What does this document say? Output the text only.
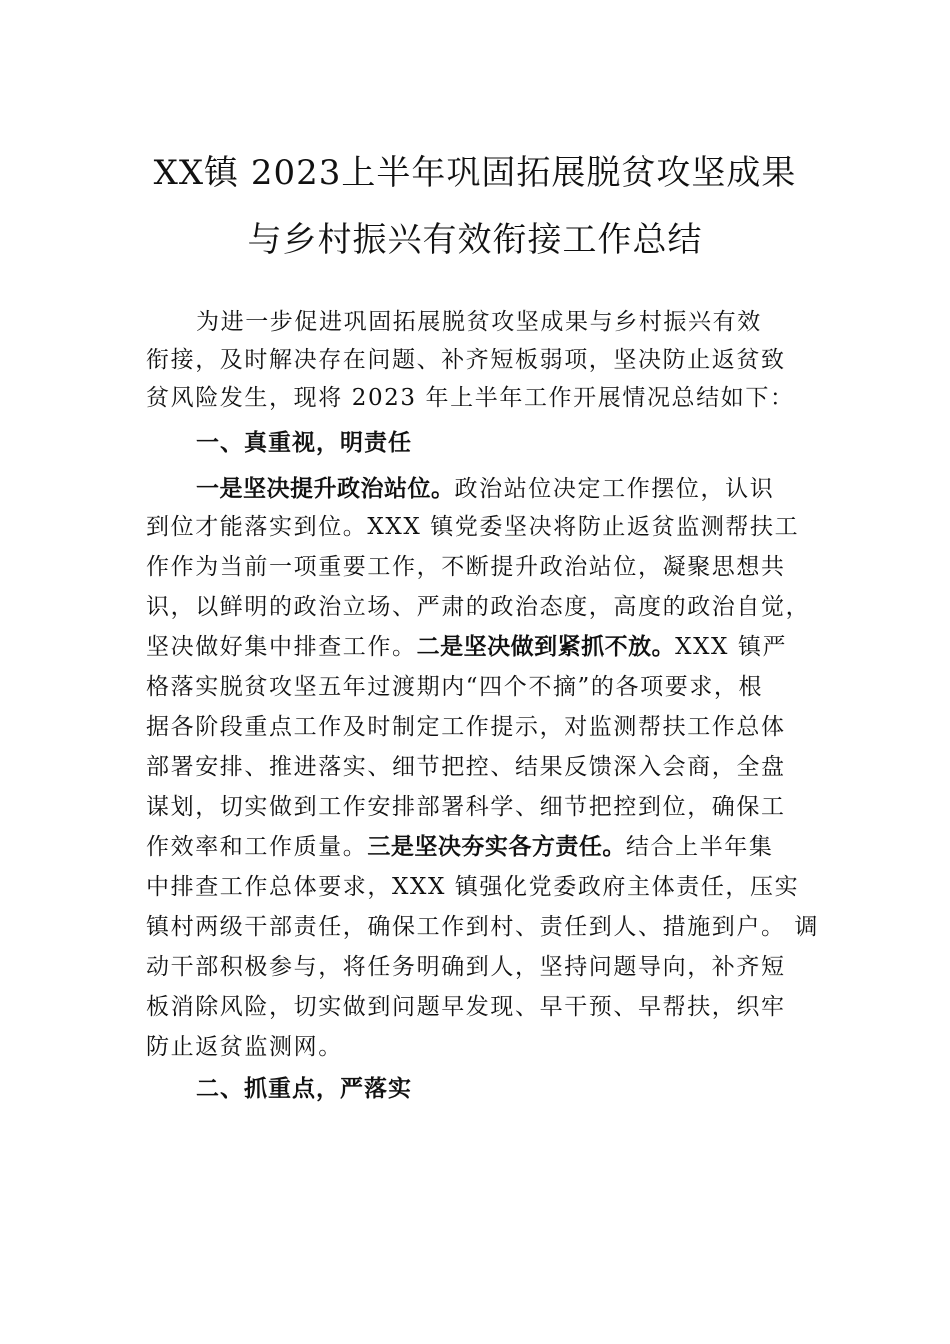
XX镇 2023上半年巩固拓展脱贫攻坚成果
与乡村振兴有效衔接工作总结
为进一步促进巩固拓展脱贫攻坚成果与乡村振兴有效
衔接，及时解决存在问题、补齐短板弱项，坚决防止返贫致
贫风险发生，现将 2023 年上半年工作开展情况总结如下：
一、真重视，明责任
一是坚决提升政治站位。政治站位决定工作摆位，认识
到位才能落实到位。XXX 镇党委坚决将防止返贫监测帮扶工
作作为当前一项重要工作，不断提升政治站位，凝聚思想共
识，以鲜明的政治立场、严肃的政治态度，高度的政治自觉，
坚决做好集中排查工作。二是坚决做到紧抓不放。XXX 镇严
格落实脱贫攻坚五年过渡期内“四个不摘”的各项要求，根
据各阶段重点工作及时制定工作提示，对监测帮扶工作总体
部署安排、推进落实、细节把控、结果反馈深入会商，全盘
谋划，切实做到工作安排部署科学、细节把控到位，确保工
作效率和工作质量。三是坚决夯实各方责任。结合上半年集
中排查工作总体要求，XXX 镇强化党委政府主体责任，压实
镇村两级干部责任，确保工作到村、责任到人、措施到户。 调
动干部积极参与，将任务明确到人，坚持问题导向，补齐短
板消除风险，切实做到问题早发现、早干预、早帮扶，织牢
防止返贫监测网。
二、抓重点，严落实
